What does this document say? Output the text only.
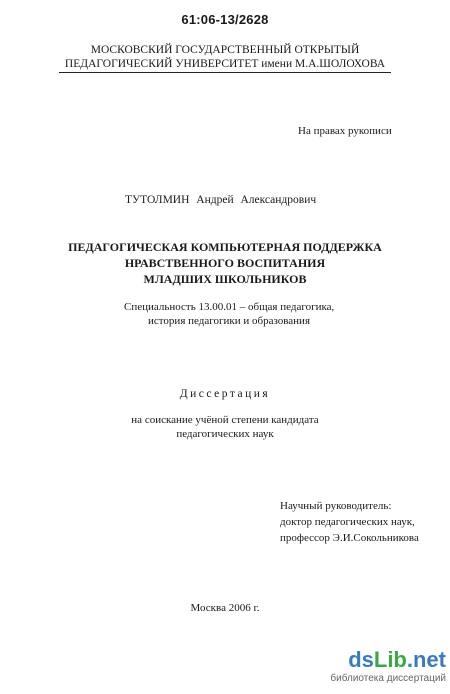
61:06-13/2628
МОСКОВСКИЙ ГОСУДАРСТВЕННЫЙ ОТКРЫТЫЙ
ПЕДАГОГИЧЕСКИЙ УНИВЕРСИТЕТ имени М.А.ШОЛОХОВА
На правах рукописи
ТУТОЛМИН Андрей Александрович
ПЕДАГОГИЧЕСКАЯ КОМПЬЮТЕРНАЯ ПОДДЕРЖКА
НРАВСТВЕННОГО ВОСПИТАНИЯ
МЛАДШИХ ШКОЛЬНИКОВ
Специальность 13.00.01 – общая педагогика,
история педагогики и образования
Диссертация
на соискание учёной степени кандидата
педагогических наук
Научный руководитель:
доктор педагогических наук,
профессор Э.И.Сокольникова
Москва 2006 г.
dsLib.net
библиотека диссертаций
